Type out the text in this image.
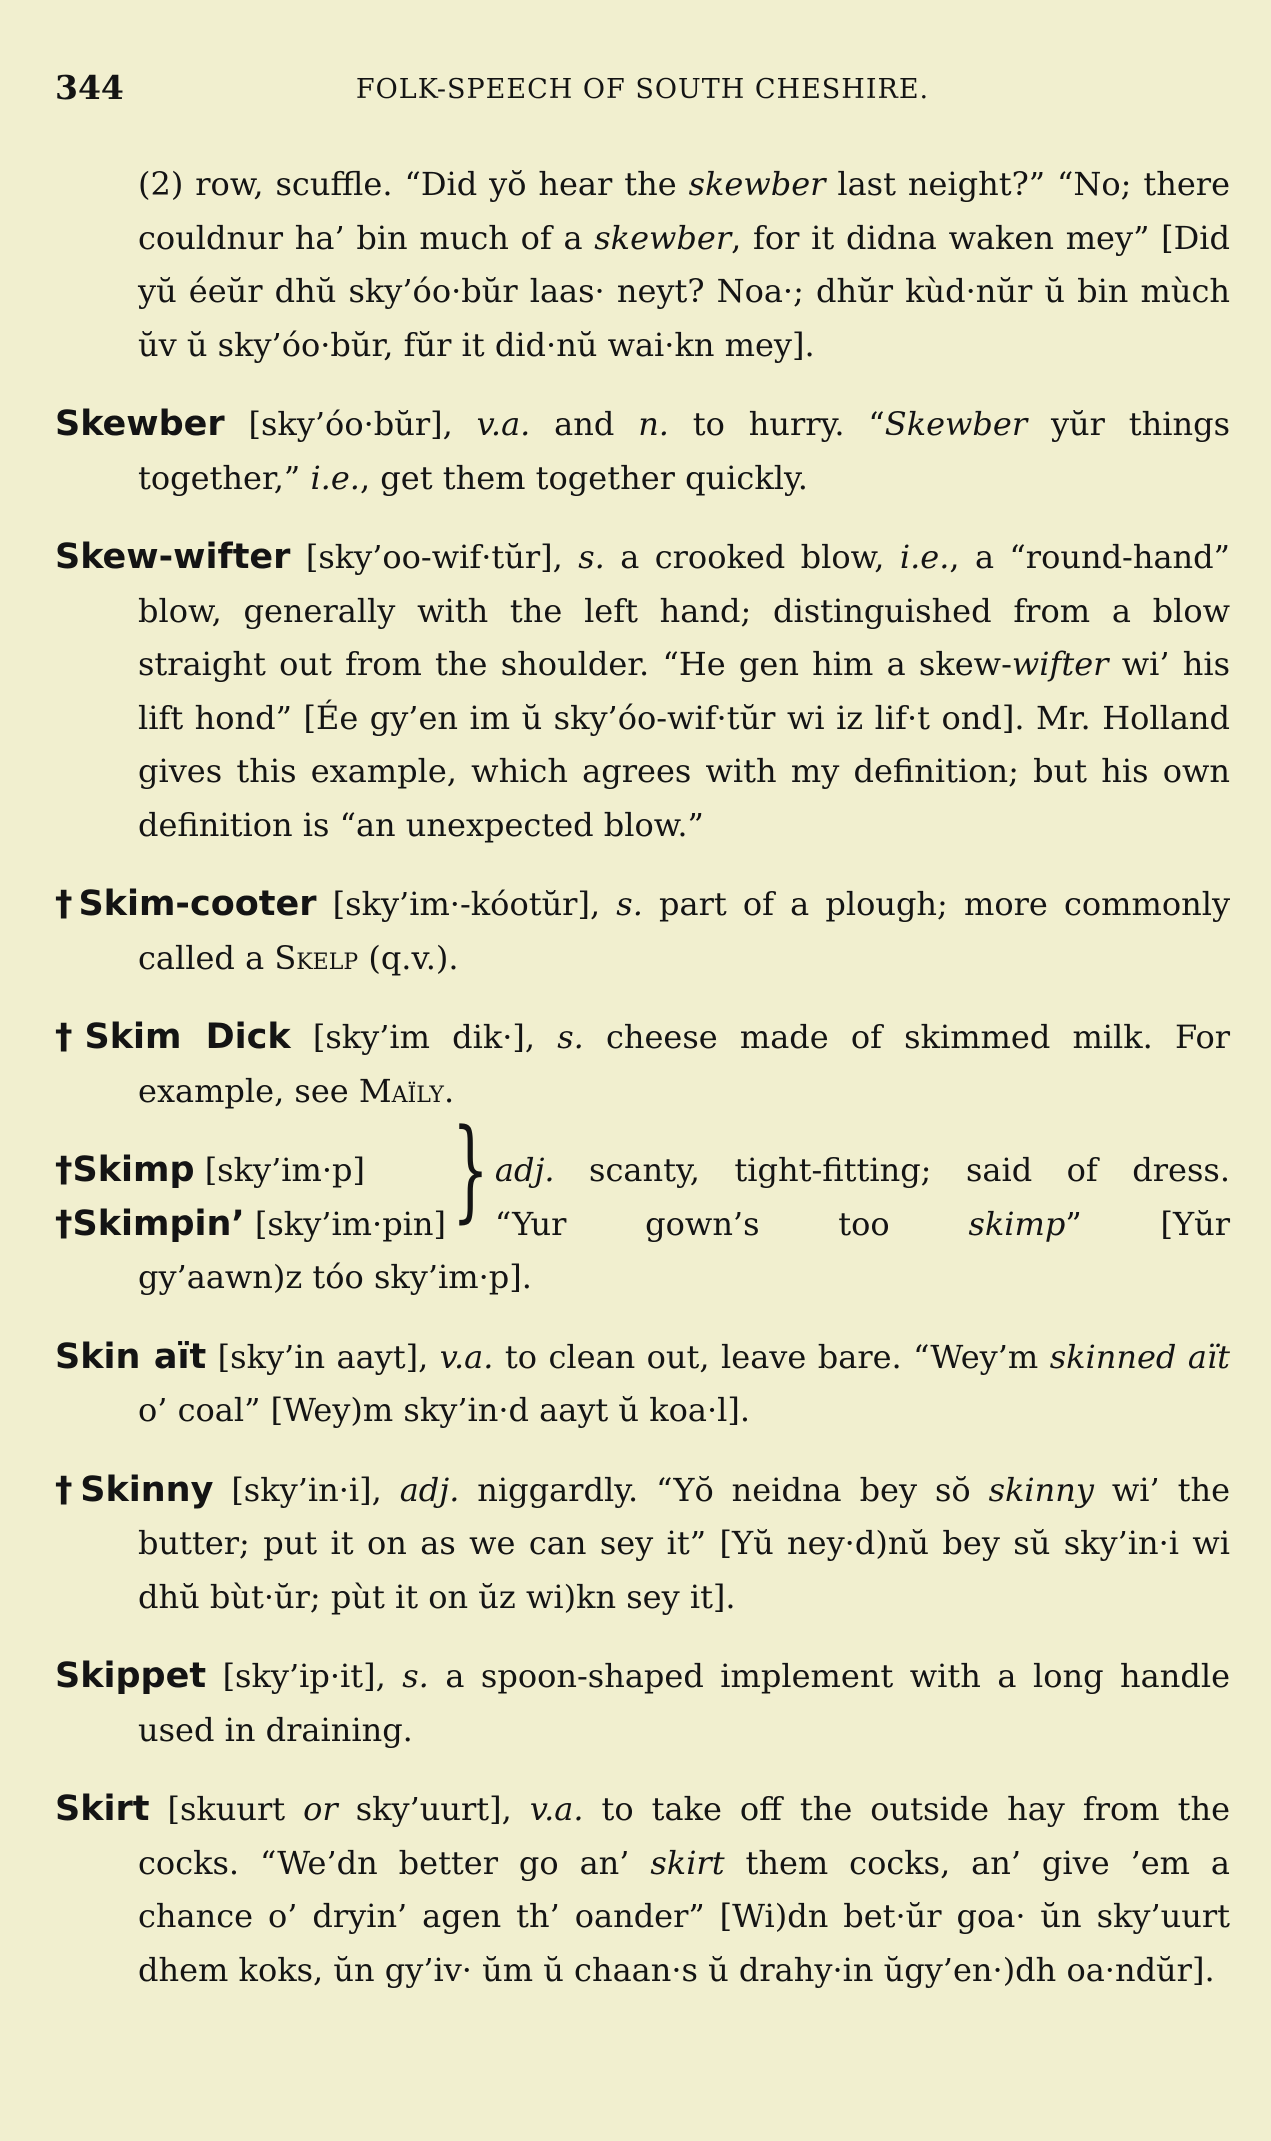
344	FOLK-SPEECH OF SOUTH CHESHIRE.

(2) row, scuffle. “Did yŏ hear the skewber last neight?” “No; there couldnur ha’ bin much of a skewber, for it didna waken mey” [Did yŭ éeŭr dhŭ sky’óo·bŭr laas· neyt? Noa·; dhŭr kùd·nŭr ŭ bin mùch ŭv ŭ sky’óo·bŭr, fŭr it did·nŭ wai·kn mey].

Skewber [sky’óo·bŭr], v.a. and n. to hurry. “Skewber yŭr things together,” i.e., get them together quickly.

Skew-wifter [sky’oo-wif·tŭr], s. a crooked blow, i.e., a “round-hand” blow, generally with the left hand; distinguished from a blow straight out from the shoulder. “He gen him a skew-wifter wi’ his lift hond” [Ée gy’en im ŭ sky’óo-wif·tŭr wi iz lif·t ond]. Mr. Holland gives this example, which agrees with my definition; but his own definition is “an unexpected blow.”

†Skim-cooter [sky’im·-kóotŭr], s. part of a plough; more commonly called a Skelp (q.v.).

†Skim Dick [sky’im dik·], s. cheese made of skimmed milk. For example, see Maïly.

†Skimp [sky’im·p]
†Skimpin’ [sky’im·pin] } adj. scanty, tight-fitting; said of dress.
“Yur gown’s too skimp” [Yŭr
gy’aawn)z tóo sky’im·p].

Skin aït [sky’in aayt], v.a. to clean out, leave bare. “Wey’m skinned aït o’ coal” [Wey)m sky’in·d aayt ŭ koa·l].

†Skinny [sky’in·i], adj. niggardly. “Yŏ neidna bey sŏ skinny wi’ the butter; put it on as we can sey it” [Yŭ ney·d)nŭ bey sŭ sky’in·i wi dhŭ bùt·ŭr; pùt it on ŭz wi)kn sey it].

Skippet [sky’ip·it], s. a spoon-shaped implement with a long handle used in draining.

Skirt [skuurt or sky’uurt], v.a. to take off the outside hay from the cocks. “We’dn better go an’ skirt them cocks, an’ give ’em a chance o’ dryin’ agen th’ oander” [Wi)dn bet·ŭr goa· ŭn sky’uurt dhem koks, ŭn gy’iv· ŭm ŭ chaan·s ŭ drahy·in ŭgy’en·)dh oa·ndŭr].
